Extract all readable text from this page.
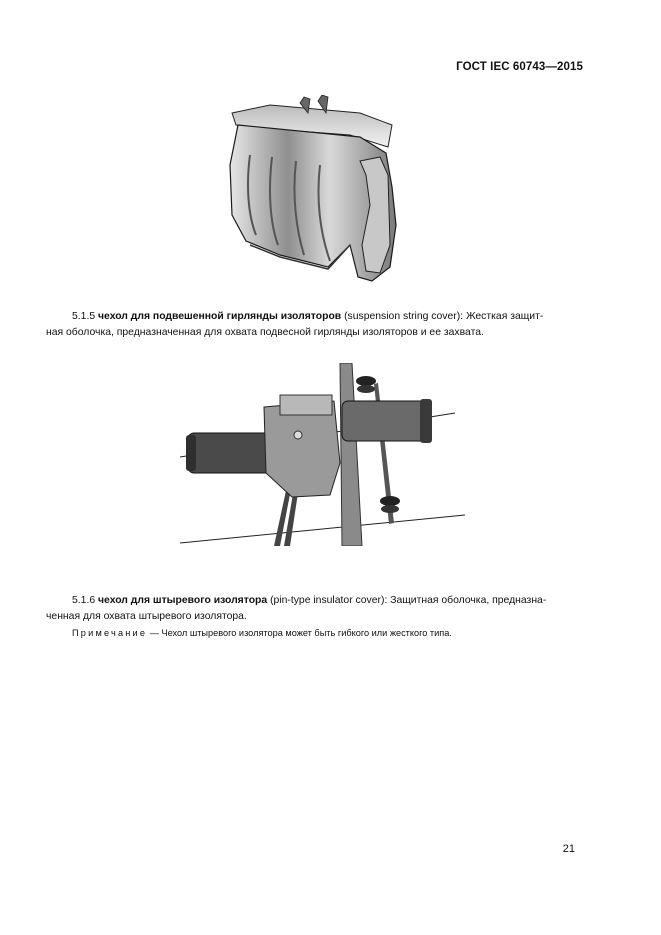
ГОСТ IEC 60743—2015
5.1.5 чехол для подвешенной гирлянды изоляторов (suspension string cover): Жесткая защит-
ная оболочка, предназначенная для охвата подвесной гирлянды изоляторов и ее захвата.
5.1.6 чехол для штыревого изолятора (pin-type insulator cover): Защитная оболочка, предназна-
ченная для охвата штыревого изолятора.
Примечание — Чехол штыревого изолятора может быть гибкого или жесткого типа.
21
